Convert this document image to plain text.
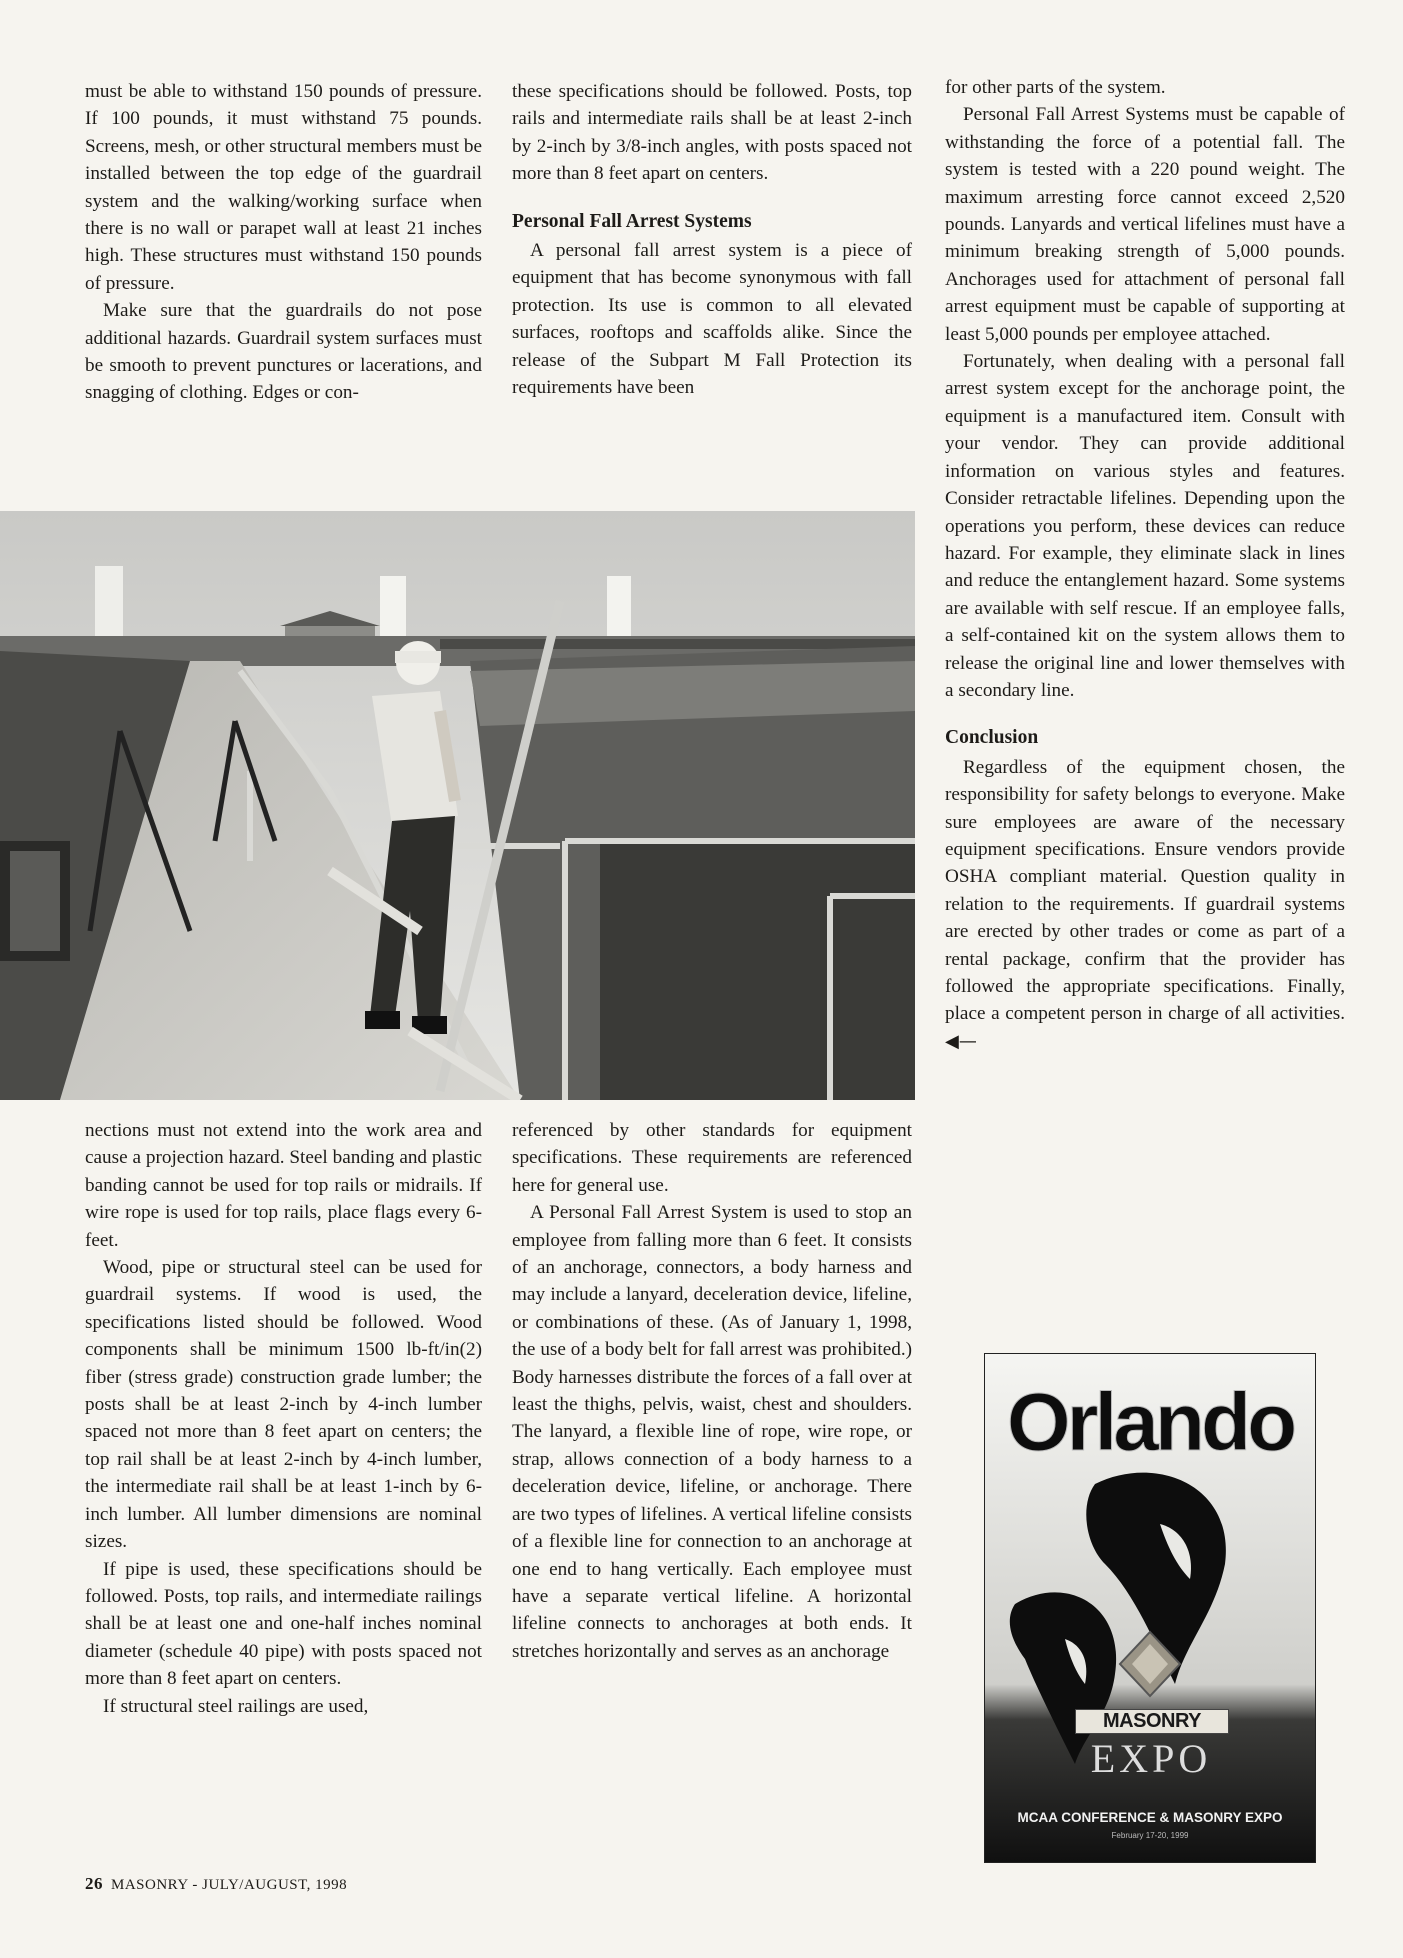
must be able to withstand 150 pounds of pressure. If 100 pounds, it must withstand 75 pounds. Screens, mesh, or other structural members must be installed between the top edge of the guardrail system and the walking/working surface when there is no wall or parapet wall at least 21 inches high. These structures must withstand 150 pounds of pressure.

Make sure that the guardrails do not pose additional hazards. Guardrail system surfaces must be smooth to prevent punctures or lacerations, and snagging of clothing. Edges or con-

these specifications should be followed. Posts, top rails and intermediate rails shall be at least 2-inch by 2-inch by 3/8-inch angles, with posts spaced not more than 8 feet apart on centers.

Personal Fall Arrest Systems

A personal fall arrest system is a piece of equipment that has become synonymous with fall protection. Its use is common to all elevated surfaces, rooftops and scaffolds alike. Since the release of the Subpart M Fall Protection its requirements have been

nections must not extend into the work area and cause a projection hazard. Steel banding and plastic banding cannot be used for top rails or midrails. If wire rope is used for top rails, place flags every 6-feet.

Wood, pipe or structural steel can be used for guardrail systems. If wood is used, the specifications listed should be followed. Wood components shall be minimum 1500 lb-ft/in(2) fiber (stress grade) construction grade lumber; the posts shall be at least 2-inch by 4-inch lumber spaced not more than 8 feet apart on centers; the top rail shall be at least 2-inch by 4-inch lumber, the intermediate rail shall be at least 1-inch by 6-inch lumber. All lumber dimensions are nominal sizes.

If pipe is used, these specifications should be followed. Posts, top rails, and intermediate railings shall be at least one and one-half inches nominal diameter (schedule 40 pipe) with posts spaced not more than 8 feet apart on centers.

If structural steel railings are used,

referenced by other standards for equipment specifications. These requirements are referenced here for general use.

A Personal Fall Arrest System is used to stop an employee from falling more than 6 feet. It consists of an anchorage, connectors, a body harness and may include a lanyard, deceleration device, lifeline, or combinations of these. (As of January 1, 1998, the use of a body belt for fall arrest was prohibited.) Body harnesses distribute the forces of a fall over at least the thighs, pelvis, waist, chest and shoulders. The lanyard, a flexible line of rope, wire rope, or strap, allows connection of a body harness to a deceleration device, lifeline, or anchorage. There are two types of lifelines. A vertical lifeline consists of a flexible line for connection to an anchorage at one end to hang vertically. Each employee must have a separate vertical lifeline. A horizontal lifeline connects to anchorages at both ends. It stretches horizontally and serves as an anchorage

for other parts of the system.

Personal Fall Arrest Systems must be capable of withstanding the force of a potential fall. The system is tested with a 220 pound weight. The maximum arresting force cannot exceed 2,520 pounds. Lanyards and vertical lifelines must have a minimum breaking strength of 5,000 pounds. Anchorages used for attachment of personal fall arrest equipment must be capable of supporting at least 5,000 pounds per employee attached.

Fortunately, when dealing with a personal fall arrest system except for the anchorage point, the equipment is a manufactured item. Consult with your vendor. They can provide additional information on various styles and features. Consider retractable lifelines. Depending upon the operations you perform, these devices can reduce hazard. For example, they eliminate slack in lines and reduce the entanglement hazard. Some systems are available with self rescue. If an employee falls, a self-contained kit on the system allows them to release the original line and lower themselves with a secondary line.

Conclusion

Regardless of the equipment chosen, the responsibility for safety belongs to everyone. Make sure employees are aware of the necessary equipment specifications. Ensure vendors provide OSHA compliant material. Question quality in relation to the requirements. If guardrail systems are erected by other trades or come as part of a rental package, confirm that the provider has followed the appropriate specifications. Finally, place a competent person in charge of all activities. ◀—

Orlando
MASONRY
EXPO
MCAA CONFERENCE & MASONRY EXPO
February 17-20, 1999
26 MASONRY - JULY/AUGUST, 1998
